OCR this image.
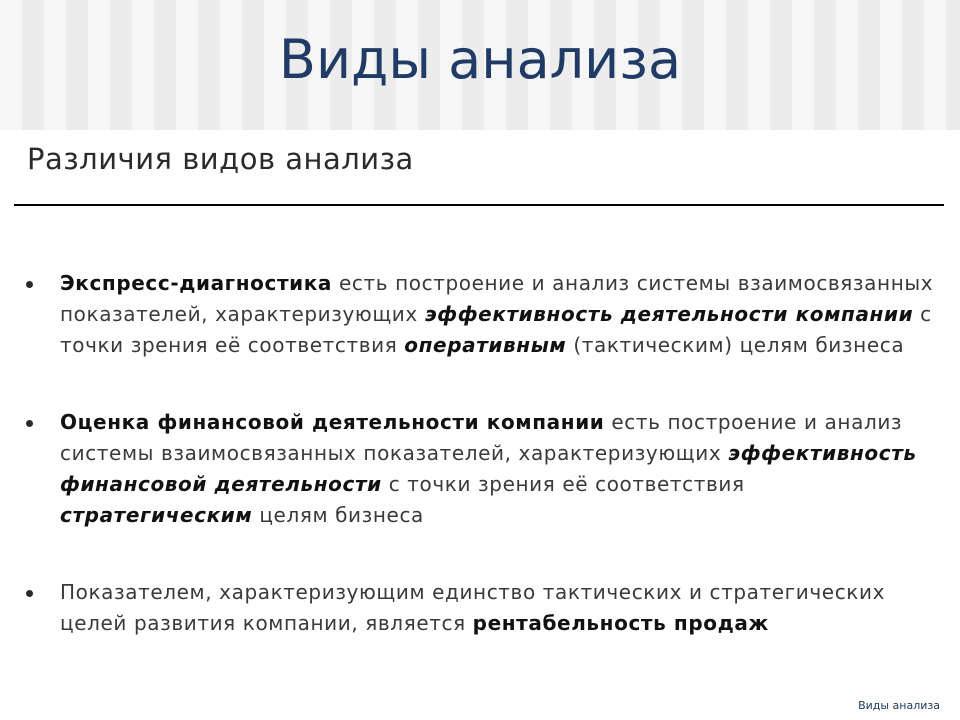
Виды анализа
Различия видов анализа
Экспресс-диагностика есть построение и анализ системы взаимосвязанных показателей, характеризующих эффективность деятельности компании с точки зрения её соответствия оперативным (тактическим) целям бизнеса
Оценка финансовой деятельности компании есть построение и анализ системы взаимосвязанных показателей, характеризующих эффективность финансовой деятельности с точки зрения её соответствия стратегическим целям бизнеса
Показателем, характеризующим единство тактических и стратегических целей развития компании, является рентабельность продаж
Виды анализа
